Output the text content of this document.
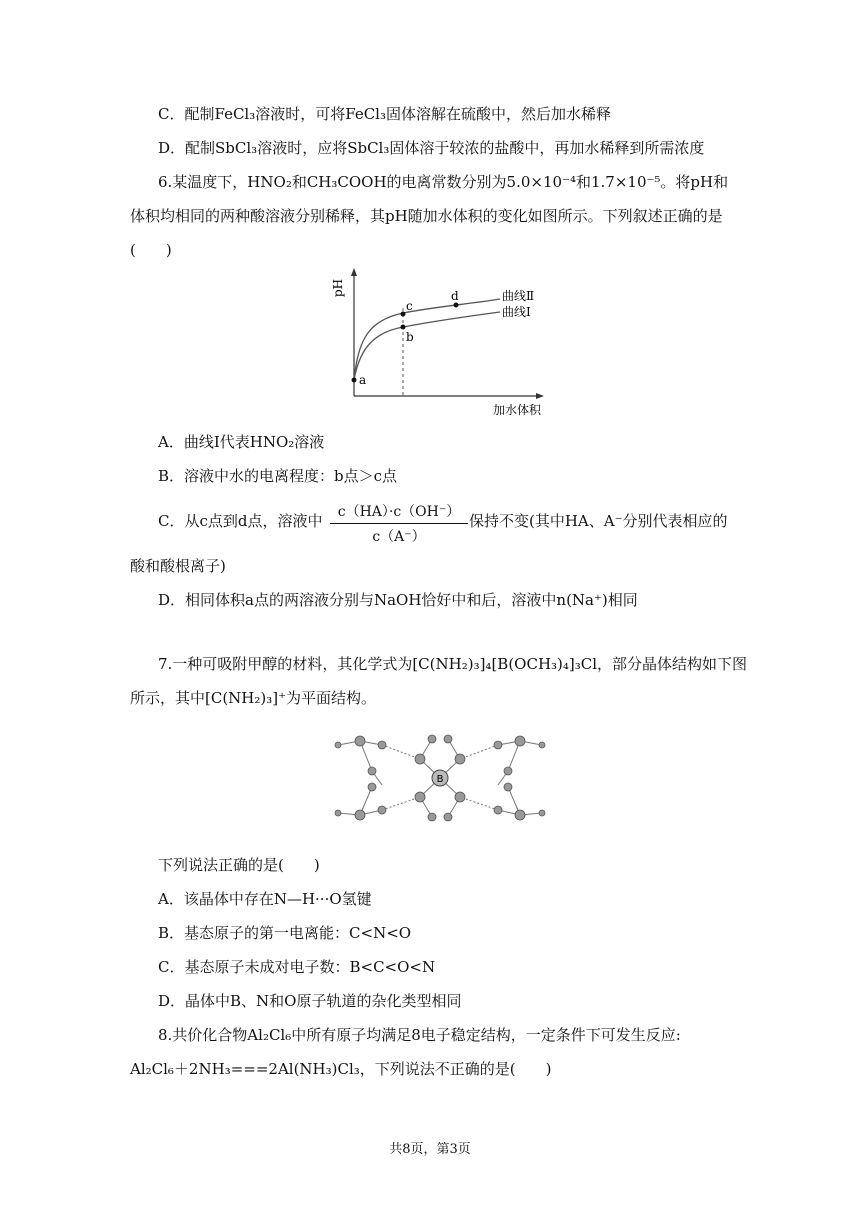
C．配制FeCl₃溶液时，可将FeCl₃固体溶解在硫酸中，然后加水稀释
D．配制SbCl₃溶液时，应将SbCl₃固体溶于较浓的盐酸中，再加水稀释到所需浓度
6.某温度下，HNO₂和CH₃COOH的电离常数分别为5.0×10⁻⁴和1.7×10⁻⁵。将pH和
体积均相同的两种酸溶液分别稀释，其pH随加水体积的变化如图所示。下列叙述正确的是
(　　)
pH
加水体积
曲线Ⅱ
曲线Ⅰ
a
b
c
d
A．曲线Ⅰ代表HNO₂溶液
B．溶液中水的电离程度：b点＞c点
C．从c点到d点，溶液中 $\frac{c(HA)\cdot c(OH^-)}{c(A^-)}$ 保持不变(其中HA、A⁻分别代表相应的
酸和酸根离子)
D．相同体积a点的两溶液分别与NaOH恰好中和后，溶液中n(Na⁺)相同
7.一种可吸附甲醇的材料，其化学式为[C(NH₂)₃]₄[B(OCH₃)₄]₃Cl，部分晶体结构如下图
所示，其中[C(NH₂)₃]⁺为平面结构。
B
下列说法正确的是(　　)
A．该晶体中存在N—H···O氢键
B．基态原子的第一电离能：C<N<O
C．基态原子未成对电子数：B<C<O<N
D．晶体中B、N和O原子轨道的杂化类型相同
8.共价化合物Al₂Cl₆中所有原子均满足8电子稳定结构，一定条件下可发生反应:
Al₂Cl₆＋2NH₃===2Al(NH₃)Cl₃，下列说法不正确的是(　　)
共8页，第3页
